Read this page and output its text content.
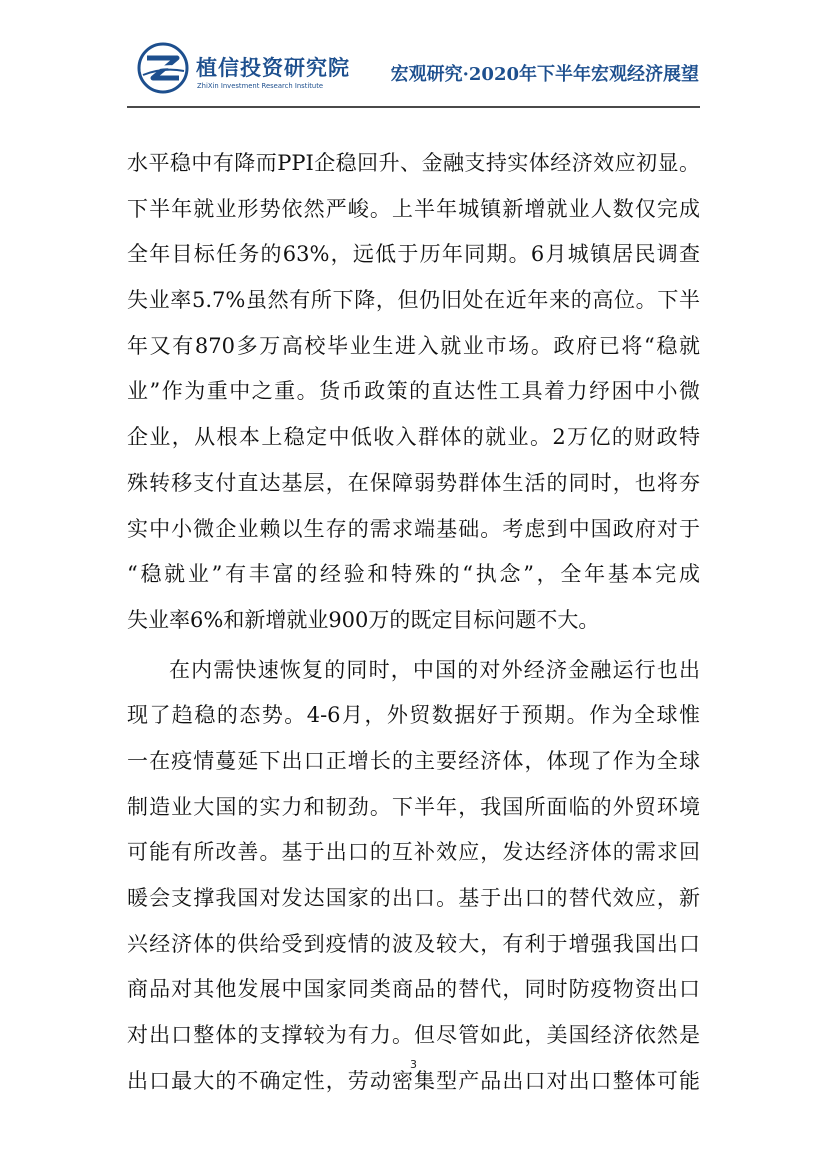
植信投资研究院
ZhiXin Investment Research Institute
宏观研究·2020年下半年宏观经济展望
水平稳中有降而PPI企稳回升、金融支持实体经济效应初显。
下半年就业形势依然严峻。上半年城镇新增就业人数仅完成
全年目标任务的63%，远低于历年同期。6月城镇居民调查
失业率5.7%虽然有所下降，但仍旧处在近年来的高位。下半
年又有870多万高校毕业生进入就业市场。政府已将“稳就
业”作为重中之重。货币政策的直达性工具着力纾困中小微
企业，从根本上稳定中低收入群体的就业。2万亿的财政特
殊转移支付直达基层，在保障弱势群体生活的同时，也将夯
实中小微企业赖以生存的需求端基础。考虑到中国政府对于
“稳就业”有丰富的经验和特殊的“执念”，全年基本完成
失业率6%和新增就业900万的既定目标问题不大。
在内需快速恢复的同时，中国的对外经济金融运行也出
现了趋稳的态势。4-6月，外贸数据好于预期。作为全球惟
一在疫情蔓延下出口正增长的主要经济体，体现了作为全球
制造业大国的实力和韧劲。下半年，我国所面临的外贸环境
可能有所改善。基于出口的互补效应，发达经济体的需求回
暖会支撑我国对发达国家的出口。基于出口的替代效应，新
兴经济体的供给受到疫情的波及较大，有利于增强我国出口
商品对其他发展中国家同类商品的替代，同时防疫物资出口
对出口整体的支撑较为有力。但尽管如此，美国经济依然是
出口最大的不确定性，劳动密集型产品出口对出口整体可能
3
